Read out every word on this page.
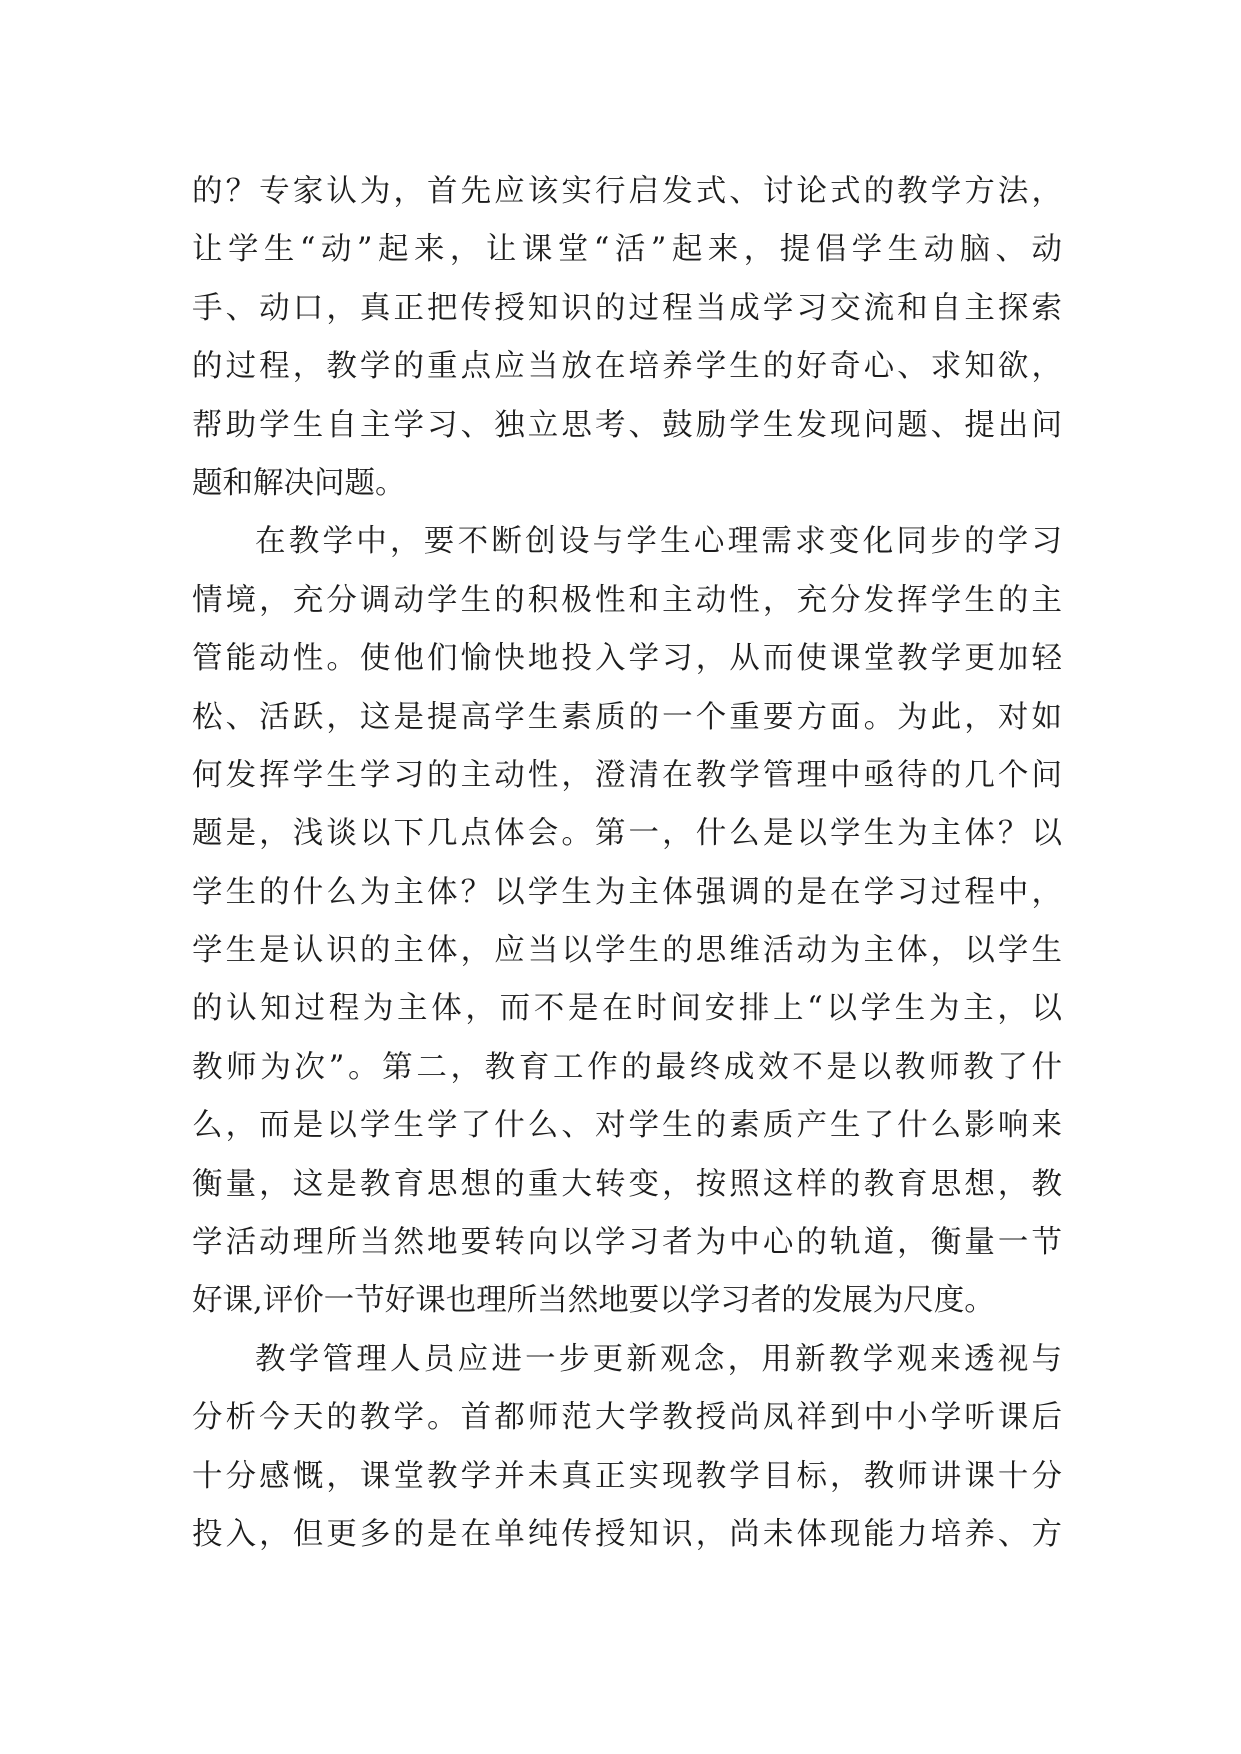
的？专家认为，首先应该实行启发式、讨论式的教学方法，
让学生“动”起来，让课堂“活”起来，提倡学生动脑、动
手、动口，真正把传授知识的过程当成学习交流和自主探索
的过程，教学的重点应当放在培养学生的好奇心、求知欲，
帮助学生自主学习、独立思考、鼓励学生发现问题、提出问
题和解决问题。
在教学中，要不断创设与学生心理需求变化同步的学习
情境，充分调动学生的积极性和主动性，充分发挥学生的主
管能动性。使他们愉快地投入学习，从而使课堂教学更加轻
松、活跃，这是提高学生素质的一个重要方面。为此，对如
何发挥学生学习的主动性，澄清在教学管理中亟待的几个问
题是，浅谈以下几点体会。第一，什么是以学生为主体？以
学生的什么为主体？以学生为主体强调的是在学习过程中，
学生是认识的主体，应当以学生的思维活动为主体，以学生
的认知过程为主体，而不是在时间安排上“以学生为主，以
教师为次”。第二，教育工作的最终成效不是以教师教了什
么，而是以学生学了什么、对学生的素质产生了什么影响来
衡量，这是教育思想的重大转变，按照这样的教育思想，教
学活动理所当然地要转向以学习者为中心的轨道，衡量一节
好课,评价一节好课也理所当然地要以学习者的发展为尺度。
教学管理人员应进一步更新观念，用新教学观来透视与
分析今天的教学。首都师范大学教授尚凤祥到中小学听课后
十分感慨，课堂教学并未真正实现教学目标，教师讲课十分
投入，但更多的是在单纯传授知识，尚未体现能力培养、方
